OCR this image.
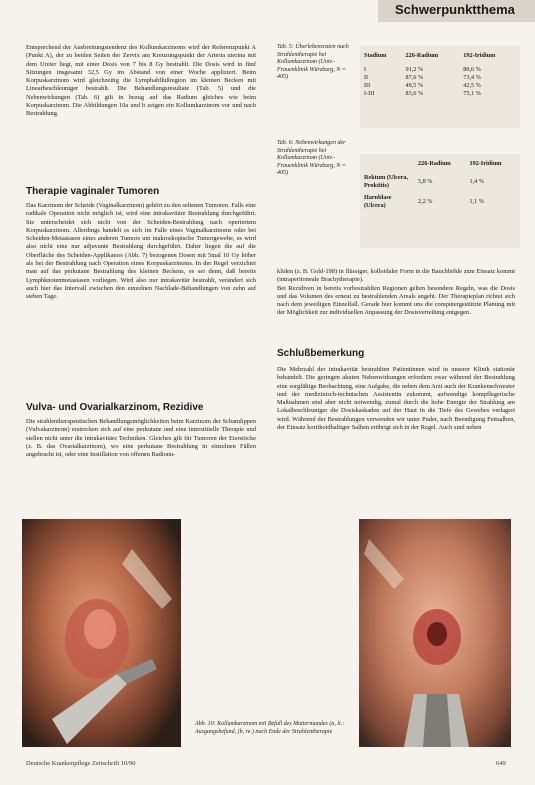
Schwerpunktthema

Entsprechend der Ausbreitungstendenz des Kollumkarzinoms wird der Referenzpunkt A (Punkt A), der zu beiden Seiten der Zervix am Kreuzungspunkt der Arteria uterina mit dem Ureter liegt, mit einer Dosis von 7 bis 8 Gy bestrahlt. Die Dosis wird in fünf Sitzungen insgesamt 32,5 Gy im Abstand von einer Woche appliziert. Beim Korpuskarzinom wird gleichzeitig die Lymphabflußregion im kleinen Becken mit Linearbeschleuniger bestrahlt. Die Behandlungsresultate (Tab. 5) und die Nebenwirkungen (Tab. 6) gilt in bezug auf das Radium gleiches wie beim Korpuskarzinom. Die Abbildungen 10a und b zeigen ein Kollumkarzinom vor und nach Bestrahlung.

Therapie vaginaler Tumoren

Das Karzinom der Scheide (Vaginalkarzinom) gehört zu den seltenen Tumoren. Falls eine radikale Operation nicht möglich ist, wird eine intrakavitäre Bestrahlung durchgeführt. Sie unterscheidet sich nicht von der Scheiden-Bestrahlung nach operiertem Korpuskarzinom. Allerdings handelt es sich im Falle eines Vaginalkarzinoms oder bei Scheiden-Metastasen eines anderen Tumors um makroskopische Tumorgewebe, es wird also nicht eine nur adjuvante Bestrahlung durchgeführt. Daher liegen die auf die Oberfläche des Scheiden-Applikators (Abb. 7) bezogenen Dosen mit 5mal 10 Gy höher als bei der Bestrahlung nach Operation eines Korpuskarzinoms. In der Regel verzichtet man auf das perkutane Bestrahlung des kleinen Beckens, es sei denn, daß bereits Lymphknotenmetastasen vorliegen. Wird also nur intrakavitär bestrahlt, verändert sich auch hier das Intervall zwischen den einzelnen Nachlade-Behandlungen von zehn auf sieben Tage.

Vulva- und Ovarialkarzinom, Rezidive

Die strahlentherapeutischen Behandlungsmöglichkeiten beim Karzinom der Schamlippen (Vulvakarzinom) erstrecken sich auf eine perkutane und eine interstitielle Therapie und stellen nicht unter die intrakavitäre Techniken. Gleiches gilt für Tumoren der Eierstöcke (z. B. das Ovarialkarzinom), wo eine perkutane Bestrahlung in einzelnen Fällen angebracht ist, oder eine Instillation von offenen Radionu-

Tab. 5: Überlebensraten nach Strahlentherapie bei Kollumkarzinom (Univ.-Frauenklinik Würzburg, N = 405)
Stadium	226-Radium	192-Iridium

I	91,2 %	80,6 %
II	87,6 %	73,4 %
III	49,5 %	42,5 %
I-III	83,6 %	75,1 %
Tab. 6: Nebenwirkungen der Strahlentherapie bei Kollumkarzinom (Univ.-Frauenklinik Würzburg, N = 405)
	226-Radium	192-Iridium

Rektum (Ulcera, Proktitis)	5,8 %	1,4 %

Harnblase (Ulcera)	2,2 %	1,1 %

kliden (z. B. Gold-198) in flüssiger, kolloidaler Form in die Bauchhöhle zum Einsatz kommt (intraperitoneale Brachytherapie).

Bei Rezidiven in bereits vorbestrahlten Regionen gelten besondere Regeln, was die Dosis und das Volumen des erneut zu bestrahlenden Areals angeht. Der Therapieplan richtet sich nach dem jeweiligen Einzelfall. Gerade hier kommt uns die computergestützte Planung mit der Möglichkeit zur individuellen Anpassung der Dosisverteilung entgegen.

Schlußbemerkung

Die Mehrzahl der intrakavitär bestrahlten Patientinnen wird in unserer Klinik stationär behandelt. Die geringen akuten Nebenwirkungen erfordern zwar während der Bestrahlung eine sorgfältige Beobachtung, eine Aufgabe, die neben dem Arzt auch der Krankenschwester und der medizinisch-technischen Assistentin zukommt, aufwendige kompflegerische Maßnahmen sind aber nicht notwendig, zumal durch die hohe Energie der Strahlung am Lokalbeschleuniger die Dosiskaskaden auf der Haut in die Tiefe des Gewebes verlagert wird. Während der Bestrahlungen verwenden wir unter Puder, nach Beendigung Fettsalben, der Einsatz kortikoidhaltiger Salben erübrigt sich in der Regel. Auch sind neben

Abb. 10: Kollumkarzinom mit Befall des Muttermundes (a, li.: Ausgangsbefund, (b, re.) nach Ende der Strahlentherapie
Deutsche Krankenpflege Zeitschrift 10/90	649
